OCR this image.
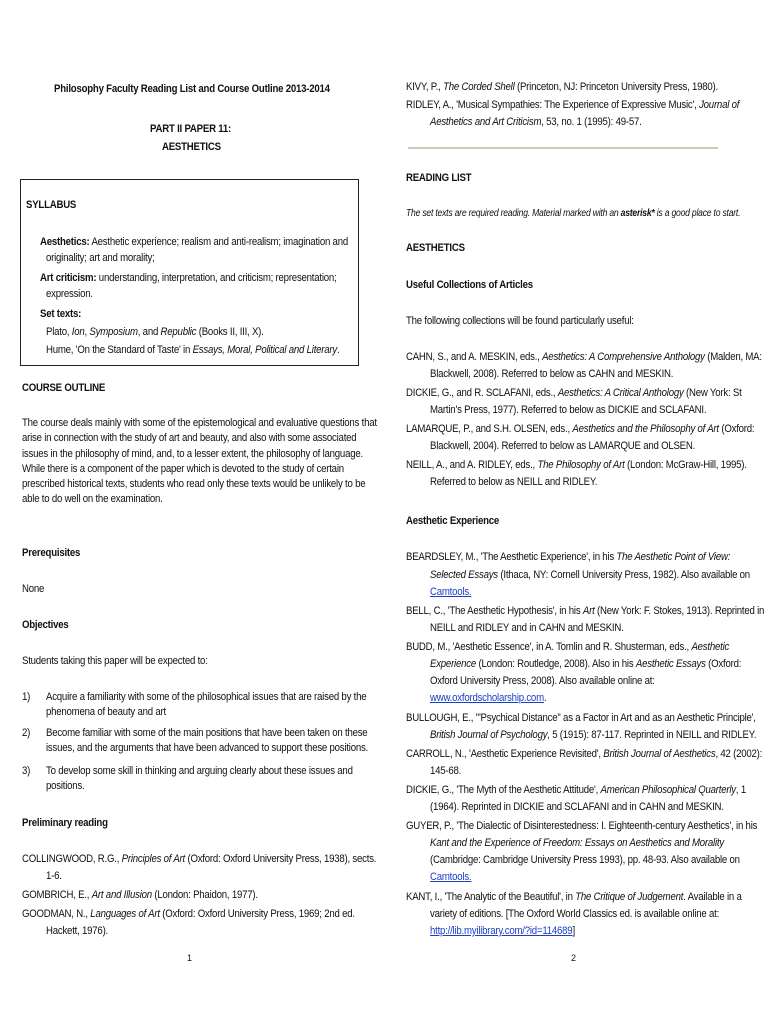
Philosophy Faculty Reading List and Course Outline 2013-2014
PART II PAPER 11:
AESTHETICS
SYLLABUS
Aesthetics: Aesthetic experience; realism and anti-realism; imagination and
originality; art and morality;
Art criticism: understanding, interpretation, and criticism; representation;
expression.
Set texts:
Plato, Ion, Symposium, and Republic (Books II, III, X).
Hume, 'On the Standard of Taste' in Essays, Moral, Political and Literary.
COURSE OUTLINE
The course deals mainly with some of the epistemological and evaluative questions that
arise in connection with the study of art and beauty, and also with some associated
issues in the philosophy of mind, and, to a lesser extent, the philosophy of language.
While there is a component of the paper which is devoted to the study of certain
prescribed historical texts, students who read only these texts would be unlikely to be
able to do well on the examination.
Prerequisites
None
Objectives
Students taking this paper will be expected to:
1) Acquire a familiarity with some of the philosophical issues that are raised by the
phenomena of beauty and art
2) Become familiar with some of the main positions that have been taken on these
issues, and the arguments that have been advanced to support these positions.
3) To develop some skill in thinking and arguing clearly about these issues and
positions.
Preliminary reading
COLLINGWOOD, R.G., Principles of Art (Oxford: Oxford University Press, 1938), sects.
1-6.
GOMBRICH, E., Art and Illusion (London: Phaidon, 1977).
GOODMAN, N., Languages of Art (Oxford: Oxford University Press, 1969; 2nd ed.
Hackett, 1976).
1
KIVY, P., The Corded Shell (Princeton, NJ: Princeton University Press, 1980).
RIDLEY, A., 'Musical Sympathies: The Experience of Expressive Music', Journal of
Aesthetics and Art Criticism, 53, no. 1 (1995): 49-57.
READING LIST
The set texts are required reading. Material marked with an asterisk* is a good place to start.
AESTHETICS
Useful Collections of Articles
The following collections will be found particularly useful:
CAHN, S., and A. MESKIN, eds., Aesthetics: A Comprehensive Anthology (Malden, MA:
Blackwell, 2008). Referred to below as CAHN and MESKIN.
DICKIE, G., and R. SCLAFANI, eds., Aesthetics: A Critical Anthology (New York: St
Martin's Press, 1977). Referred to below as DICKIE and SCLAFANI.
LAMARQUE, P., and S.H. OLSEN, eds., Aesthetics and the Philosophy of Art (Oxford:
Blackwell, 2004). Referred to below as LAMARQUE and OLSEN.
NEILL, A., and A. RIDLEY, eds., The Philosophy of Art (London: McGraw-Hill, 1995).
Referred to below as NEILL and RIDLEY.
Aesthetic Experience
BEARDSLEY, M., 'The Aesthetic Experience', in his The Aesthetic Point of View:
Selected Essays (Ithaca, NY: Cornell University Press, 1982). Also available on
Camtools.
BELL, C., 'The Aesthetic Hypothesis', in his Art (New York: F. Stokes, 1913). Reprinted in
NEILL and RIDLEY and in CAHN and MESKIN.
BUDD, M., 'Aesthetic Essence', in A. Tomlin and R. Shusterman, eds., Aesthetic
Experience (London: Routledge, 2008). Also in his Aesthetic Essays (Oxford:
Oxford University Press, 2008). Also available online at:
www.oxfordscholarship.com.
BULLOUGH, E., '"Psychical Distance" as a Factor in Art and as an Aesthetic Principle',
British Journal of Psychology, 5 (1915): 87-117. Reprinted in NEILL and RIDLEY.
CARROLL, N., 'Aesthetic Experience Revisited', British Journal of Aesthetics, 42 (2002):
145-68.
DICKIE, G., 'The Myth of the Aesthetic Attitude', American Philosophical Quarterly, 1
(1964). Reprinted in DICKIE and SCLAFANI and in CAHN and MESKIN.
GUYER, P., 'The Dialectic of Disinterestedness: I. Eighteenth-century Aesthetics', in his
Kant and the Experience of Freedom: Essays on Aesthetics and Morality
(Cambridge: Cambridge University Press 1993), pp. 48-93. Also available on
Camtools.
KANT, I., 'The Analytic of the Beautiful', in The Critique of Judgement. Available in a
variety of editions. [The Oxford World Classics ed. is available online at:
http://lib.myilibrary.com/?id=114689]
2
